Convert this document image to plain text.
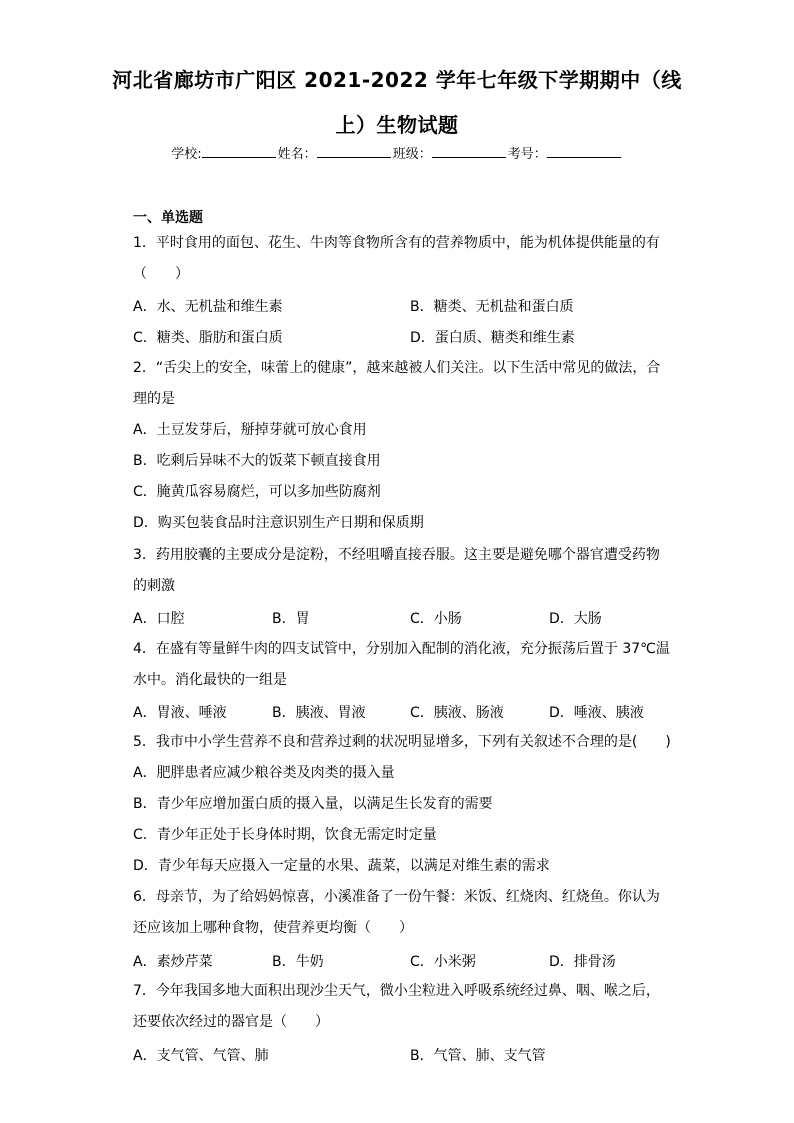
河北省廊坊市广阳区 2021-2022 学年七年级下学期期中（线
上）生物试题
学校:	姓名：	班级：	考号：
一、单选题
1．平时食用的面包、花生、牛肉等食物所含有的营养物质中，能为机体提供能量的有
（　　）
A．水、无机盐和维生素	B．糖类、无机盐和蛋白质
C．糖类、脂肪和蛋白质	D．蛋白质、糖类和维生素
2．“舌尖上的安全，味蕾上的健康”，越来越被人们关注。以下生活中常见的做法，合
理的是
A．土豆发芽后，掰掉芽就可放心食用
B．吃剩后异味不大的饭菜下顿直接食用
C．腌黄瓜容易腐烂，可以多加些防腐剂
D．购买包装食品时注意识别生产日期和保质期
3．药用胶囊的主要成分是淀粉，不经咀嚼直接吞服。这主要是避免哪个器官遭受药物
的刺激
A．口腔	B．胃	C．小肠	D．大肠
4．在盛有等量鲜牛肉的四支试管中，分别加入配制的消化液，充分振荡后置于 37℃温
水中。消化最快的一组是
A．胃液、唾液	B．胰液、胃液	C．胰液、肠液	D．唾液、胰液
5．我市中小学生营养不良和营养过剩的状况明显增多，下列有关叙述不合理的是(　　)
A．肥胖患者应减少粮谷类及肉类的摄入量
B．青少年应增加蛋白质的摄入量，以满足生长发育的需要
C．青少年正处于长身体时期，饮食无需定时定量
D．青少年每天应摄入一定量的水果、蔬菜，以满足对维生素的需求
6．母亲节，为了给妈妈惊喜，小溪准备了一份午餐：米饭、红烧肉、红烧鱼。你认为
还应该加上哪种食物，使营养更均衡（　　）
A．素炒芹菜	B．牛奶	C．小米粥	D．排骨汤
7．今年我国多地大面积出现沙尘天气，微小尘粒进入呼吸系统经过鼻、咽、喉之后，
还要依次经过的器官是（　　）
A．支气管、气管、肺	B．气管、肺、支气管
